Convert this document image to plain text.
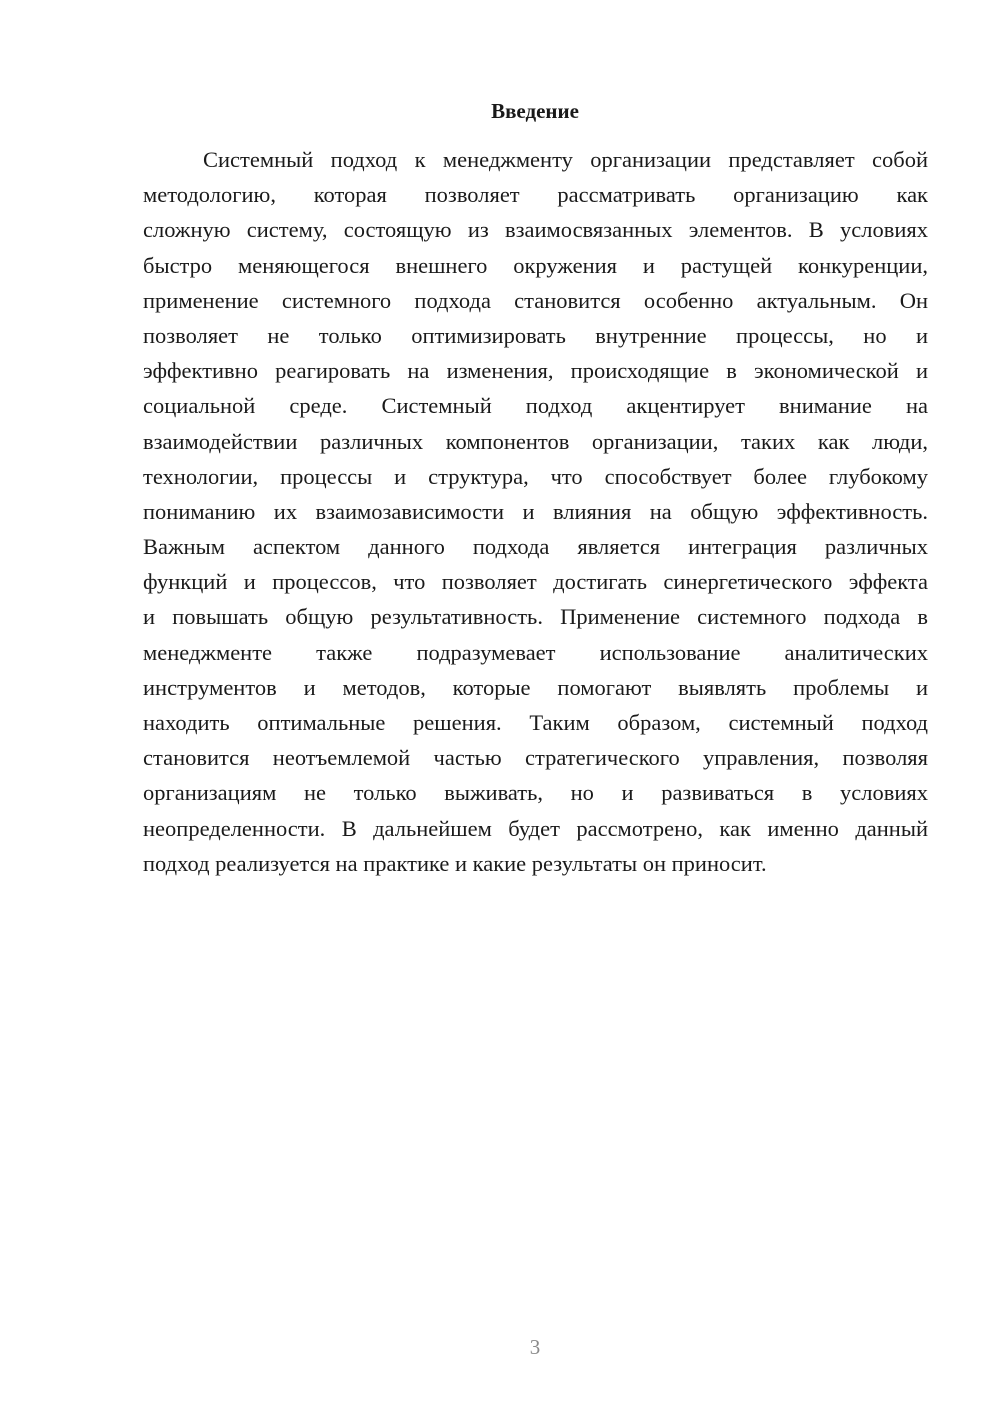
Введение
Системный подход к менеджменту организации представляет собой
методологию, которая позволяет рассматривать организацию как
сложную систему, состоящую из взаимосвязанных элементов. В условиях
быстро меняющегося внешнего окружения и растущей конкуренции,
применение системного подхода становится особенно актуальным. Он
позволяет не только оптимизировать внутренние процессы, но и
эффективно реагировать на изменения, происходящие в экономической и
социальной среде. Системный подход акцентирует внимание на
взаимодействии различных компонентов организации, таких как люди,
технологии, процессы и структура, что способствует более глубокому
пониманию их взаимозависимости и влияния на общую эффективность.
Важным аспектом данного подхода является интеграция различных
функций и процессов, что позволяет достигать синергетического эффекта
и повышать общую результативность. Применение системного подхода в
менеджменте также подразумевает использование аналитических
инструментов и методов, которые помогают выявлять проблемы и
находить оптимальные решения. Таким образом, системный подход
становится неотъемлемой частью стратегического управления, позволяя
организациям не только выживать, но и развиваться в условиях
неопределенности. В дальнейшем будет рассмотрено, как именно данный
подход реализуется на практике и какие результаты он приносит.
3
